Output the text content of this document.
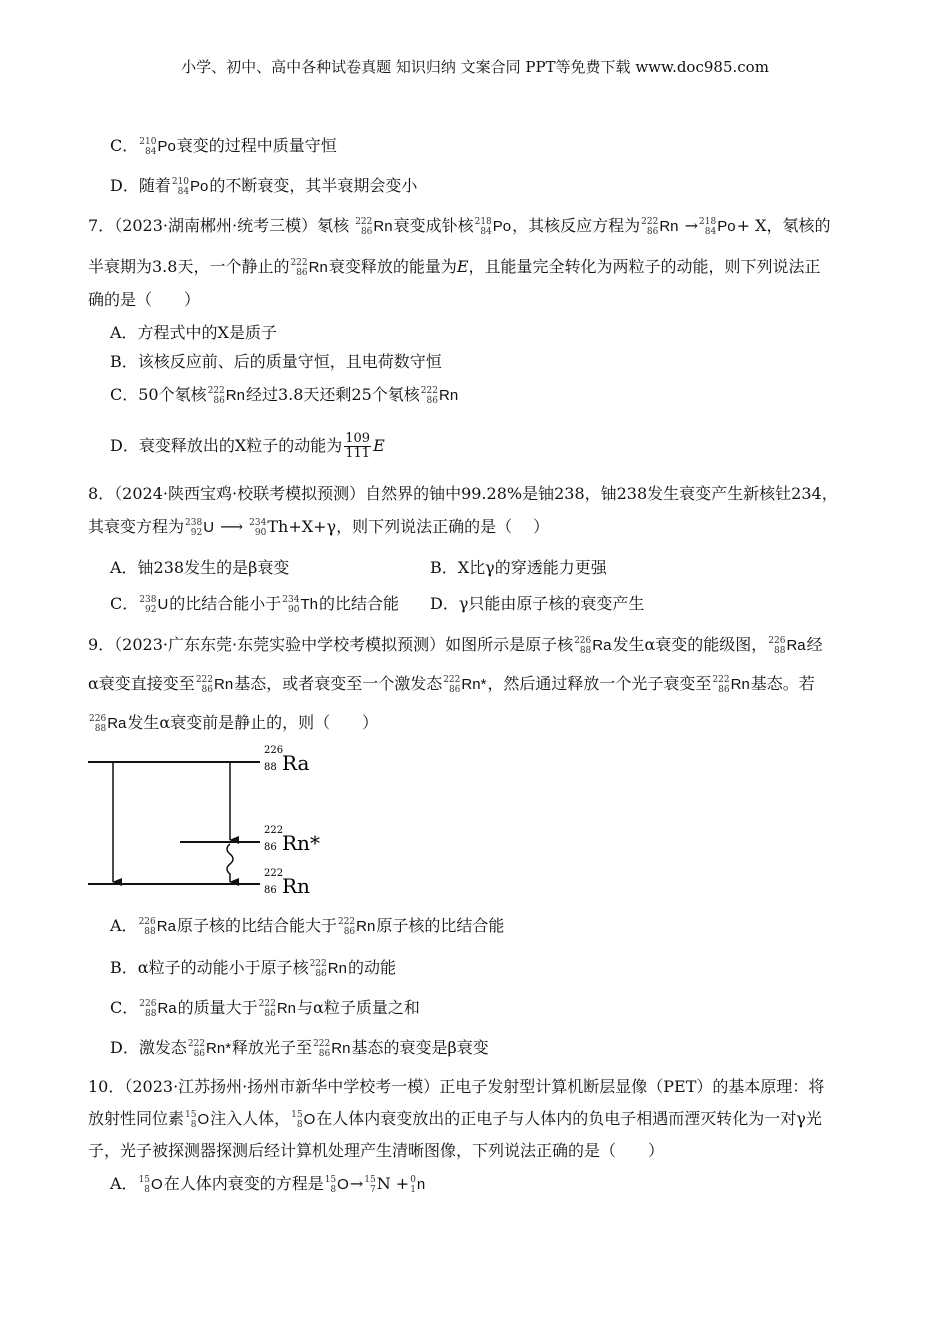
小学、初中、高中各种试卷真题 知识归纳 文案合同 PPT等免费下载 www.doc985.com
C． 210
84 Po衰变的过程中质量守恒
D．随着 210
84 Po的不断衰变，其半衰期会变小
7．（2023·湖南郴州·统考三模）氡核 222
86 Rn衰变成钋核 218
84 Po，其核反应方程为 222
86 Rn → 218
84 Po+ X，氡核的
半衰期为3.8天，一个静止的 222
86 Rn衰变释放的能量为E，且能量完全转化为两粒子的动能，则下列说法正
确的是（　　）
A．方程式中的X是质子
B．该核反应前、后的质量守恒，且电荷数守恒
C．50个氡核 222
86 Rn经过3.8天还剩25个氡核 222
86 Rn
D．衰变释放出的X粒子的动能为 $\frac{109}{111}$ E
8．（2024·陕西宝鸡·校联考模拟预测）自然界的铀中99.28%是铀238，铀238发生衰变产生新核钍234，
其衰变方程为 238
92 U ⟶ 234
90 Th+X+γ，则下列说法正确的是（　 ）
A．铀238发生的是β衰变	B．X比γ的穿透能力更强
C． 238
92 U的比结合能小于 234
90 Th的比结合能 D．γ只能由原子核的衰变产生
9．（2023·广东东莞·东莞实验中学校考模拟预测）如图所示是原子核 226
88 Ra发生α衰变的能级图， 226
88 Ra经
α衰变直接变至 222
86 Rn基态，或者衰变至一个激发态 222
86 Rn*，然后通过释放一个光子衰变至 222
86 Rn基态。若
226
88 Ra发生α衰变前是静止的，则（　　）
226
88 Ra
222
86 Rn*
222
86 Rn
A． 226
88 Ra原子核的比结合能大于 222
86 Rn原子核的比结合能
B．α粒子的动能小于原子核 222
86 Rn的动能
C． 226
88 Ra的质量大于 222
86 Rn与α粒子质量之和
D．激发态 222
86 Rn*释放光子至 222
86 Rn基态的衰变是β衰变
10．（2023·江苏扬州·扬州市新华中学校考一模）正电子发射型计算机断层显像（PET）的基本原理：将
放射性同位素 15
8 O注入人体， 15
8 O在人体内衰变放出的正电子与人体内的负电子相遇而湮灭转化为一对γ光
子，光子被探测器探测后经计算机处理产生清晰图像，下列说法正确的是（　　）
A． 15
8 O在人体内衰变的方程是 15
8 O→ 15
7 N + 0
1 n
